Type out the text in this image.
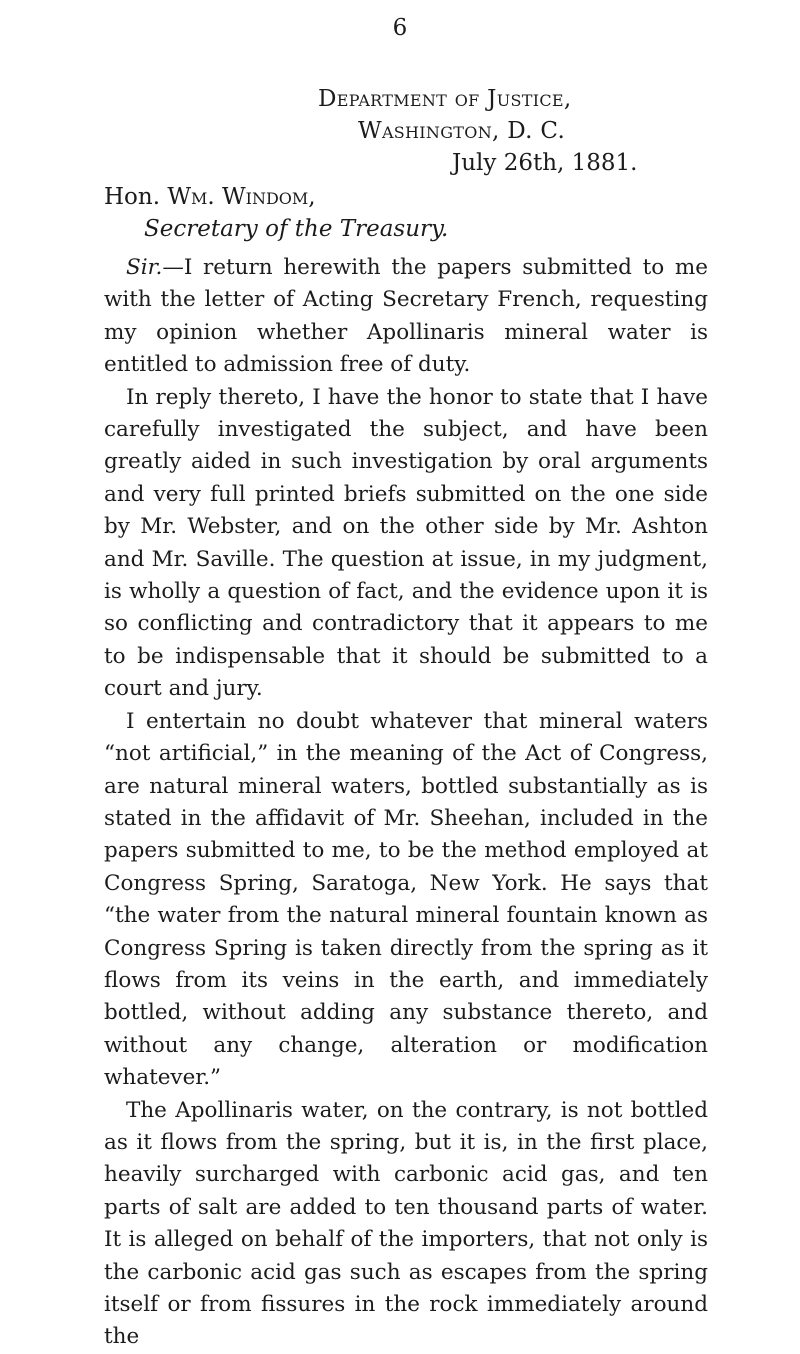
6
Department of Justice,
Washington, D. C.
July 26th, 1881.
Hon. Wm. Windom,
Secretary of the Treasury.

Sir.—I return herewith the papers submitted to me with the letter of Acting Secretary French, requesting my opinion whether Apollinaris mineral water is entitled to admission free of duty.

In reply thereto, I have the honor to state that I have carefully investigated the subject, and have been greatly aided in such investigation by oral arguments and very full printed briefs submitted on the one side by Mr. Webster, and on the other side by Mr. Ashton and Mr. Saville. The question at issue, in my judgment, is wholly a question of fact, and the evidence upon it is so conflicting and contradictory that it appears to me to be indispensable that it should be submitted to a court and jury.

I entertain no doubt whatever that mineral waters “not artificial,” in the meaning of the Act of Congress, are natural mineral waters, bottled substantially as is stated in the affidavit of Mr. Sheehan, included in the papers submitted to me, to be the method employed at Congress Spring, Saratoga, New York. He says that “the water from the natural mineral fountain known as Congress Spring is taken directly from the spring as it flows from its veins in the earth, and immediately bottled, without adding any substance thereto, and without any change, alteration or modification whatever.”

The Apollinaris water, on the contrary, is not bottled as it flows from the spring, but it is, in the first place, heavily surcharged with carbonic acid gas, and ten parts of salt are added to ten thousand parts of water. It is alleged on behalf of the importers, that not only is the carbonic acid gas such as escapes from the spring itself or from fissures in the rock immediately around the
